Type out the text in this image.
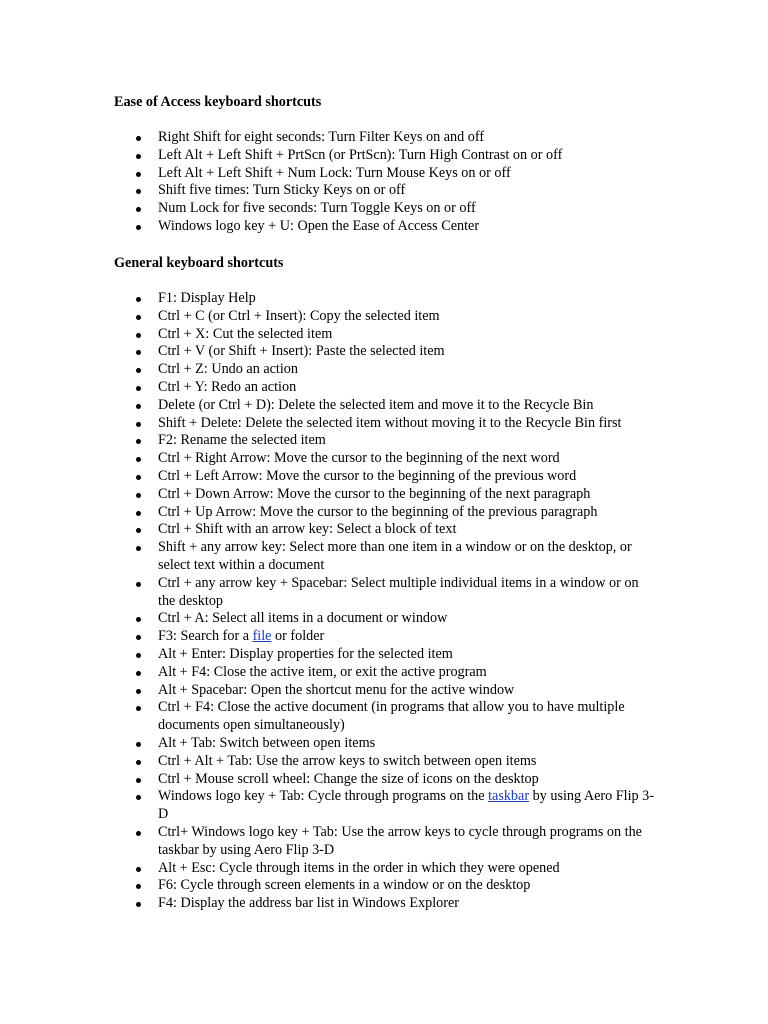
Ease of Access keyboard shortcuts
Right Shift for eight seconds: Turn Filter Keys on and off
Left Alt + Left Shift + PrtScn (or PrtScn): Turn High Contrast on or off
Left Alt + Left Shift + Num Lock: Turn Mouse Keys on or off
Shift five times: Turn Sticky Keys on or off
Num Lock for five seconds: Turn Toggle Keys on or off
Windows logo key + U: Open the Ease of Access Center
General keyboard shortcuts
F1: Display Help
Ctrl + C (or Ctrl + Insert): Copy the selected item
Ctrl + X: Cut the selected item
Ctrl + V (or Shift + Insert): Paste the selected item
Ctrl + Z: Undo an action
Ctrl + Y: Redo an action
Delete (or Ctrl + D): Delete the selected item and move it to the Recycle Bin
Shift + Delete: Delete the selected item without moving it to the Recycle Bin first
F2: Rename the selected item
Ctrl + Right Arrow: Move the cursor to the beginning of the next word
Ctrl + Left Arrow: Move the cursor to the beginning of the previous word
Ctrl + Down Arrow: Move the cursor to the beginning of the next paragraph
Ctrl + Up Arrow: Move the cursor to the beginning of the previous paragraph
Ctrl + Shift with an arrow key: Select a block of text
Shift + any arrow key: Select more than one item in a window or on the desktop, or select text within a document
Ctrl + any arrow key + Spacebar: Select multiple individual items in a window or on the desktop
Ctrl + A: Select all items in a document or window
F3: Search for a file or folder
Alt + Enter: Display properties for the selected item
Alt + F4: Close the active item, or exit the active program
Alt + Spacebar: Open the shortcut menu for the active window
Ctrl + F4: Close the active document (in programs that allow you to have multiple documents open simultaneously)
Alt + Tab: Switch between open items
Ctrl + Alt + Tab: Use the arrow keys to switch between open items
Ctrl + Mouse scroll wheel: Change the size of icons on the desktop
Windows logo key + Tab: Cycle through programs on the taskbar by using Aero Flip 3-D
Ctrl+ Windows logo key + Tab: Use the arrow keys to cycle through programs on the taskbar by using Aero Flip 3-D
Alt + Esc: Cycle through items in the order in which they were opened
F6: Cycle through screen elements in a window or on the desktop
F4: Display the address bar list in Windows Explorer
